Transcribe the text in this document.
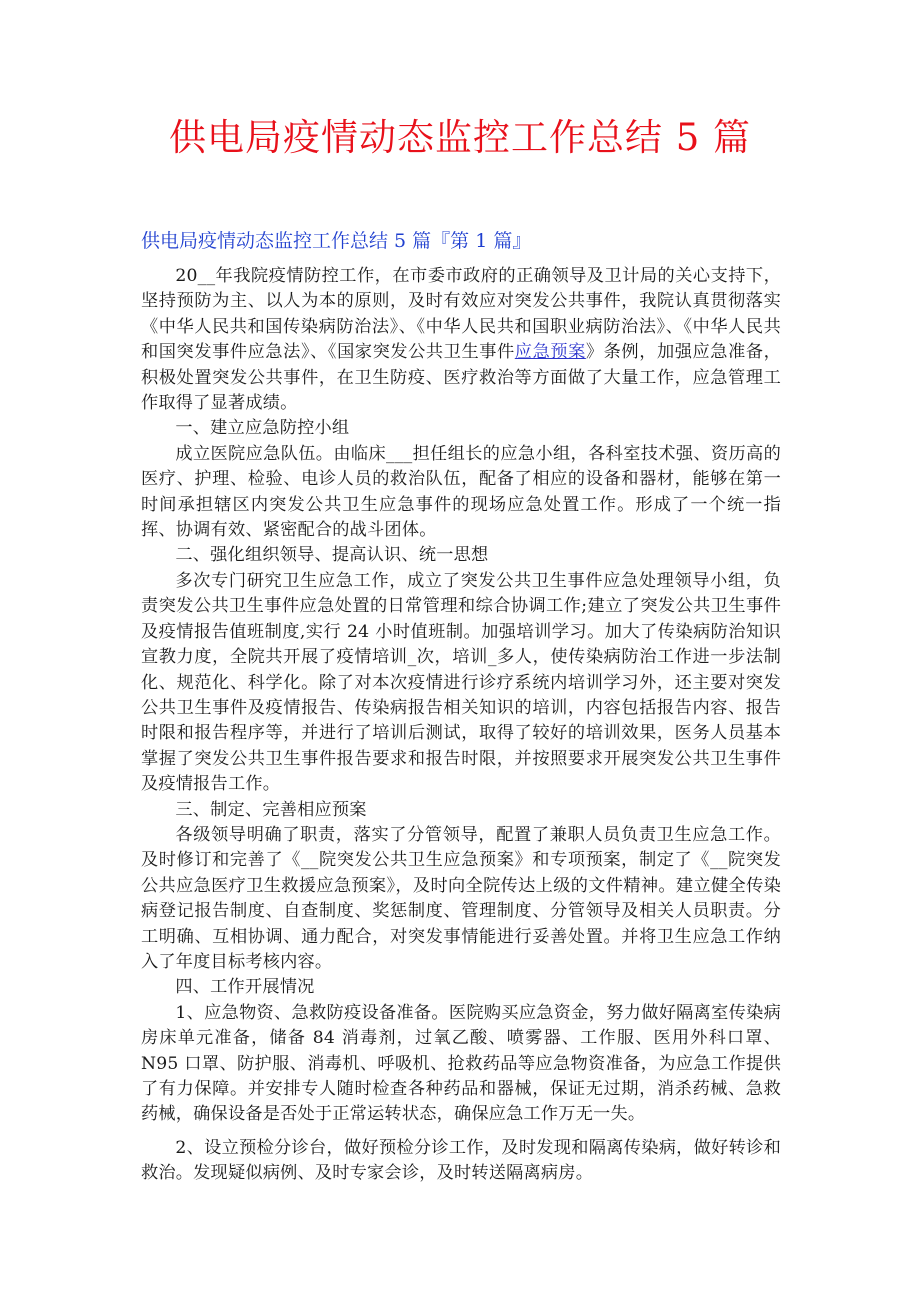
供电局疫情动态监控工作总结 5 篇
供电局疫情动态监控工作总结 5 篇『第 1 篇』

20__年我院疫情防控工作，在市委市政府的正确领导及卫计局的关心支持下，坚持预防为主、以人为本的原则，及时有效应对突发公共事件，我院认真贯彻落实《中华人民共和国传染病防治法》、《中华人民共和国职业病防治法》、《中华人民共和国突发事件应急法》、《国家突发公共卫生事件应急预案》条例，加强应急准备，积极处置突发公共事件，在卫生防疫、医疗救治等方面做了大量工作，应急管理工作取得了显著成绩。

一、建立应急防控小组

成立医院应急队伍。由临床___担任组长的应急小组，各科室技术强、资历高的医疗、护理、检验、电诊人员的救治队伍，配备了相应的设备和器材，能够在第一时间承担辖区内突发公共卫生应急事件的现场应急处置工作。形成了一个统一指挥、协调有效、紧密配合的战斗团体。

二、强化组织领导、提高认识、统一思想

多次专门研究卫生应急工作，成立了突发公共卫生事件应急处理领导小组，负责突发公共卫生事件应急处置的日常管理和综合协调工作;建立了突发公共卫生事件及疫情报告值班制度,实行 24 小时值班制。加强培训学习。加大了传染病防治知识宣教力度，全院共开展了疫情培训_次，培训_多人，使传染病防治工作进一步法制化、规范化、科学化。除了对本次疫情进行诊疗系统内培训学习外，还主要对突发公共卫生事件及疫情报告、传染病报告相关知识的培训，内容包括报告内容、报告时限和报告程序等，并进行了培训后测试，取得了较好的培训效果，医务人员基本掌握了突发公共卫生事件报告要求和报告时限，并按照要求开展突发公共卫生事件及疫情报告工作。

三、制定、完善相应预案

各级领导明确了职责，落实了分管领导，配置了兼职人员负责卫生应急工作。及时修订和完善了《__院突发公共卫生应急预案》和专项预案，制定了《__院突发公共应急医疗卫生救援应急预案》，及时向全院传达上级的文件精神。建立健全传染病登记报告制度、自查制度、奖惩制度、管理制度、分管领导及相关人员职责。分工明确、互相协调、通力配合，对突发事情能进行妥善处置。并将卫生应急工作纳入了年度目标考核内容。

四、工作开展情况

1、应急物资、急救防疫设备准备。医院购买应急资金，努力做好隔离室传染病房床单元准备，储备 84 消毒剂，过氧乙酸、喷雾器、工作服、医用外科口罩、N95 口罩、防护服、消毒机、呼吸机、抢救药品等应急物资准备，为应急工作提供了有力保障。并安排专人随时检查各种药品和器械，保证无过期，消杀药械、急救药械，确保设备是否处于正常运转状态，确保应急工作万无一失。

2、设立预检分诊台，做好预检分诊工作，及时发现和隔离传染病，做好转诊和救治。发现疑似病例、及时专家会诊，及时转送隔离病房。
